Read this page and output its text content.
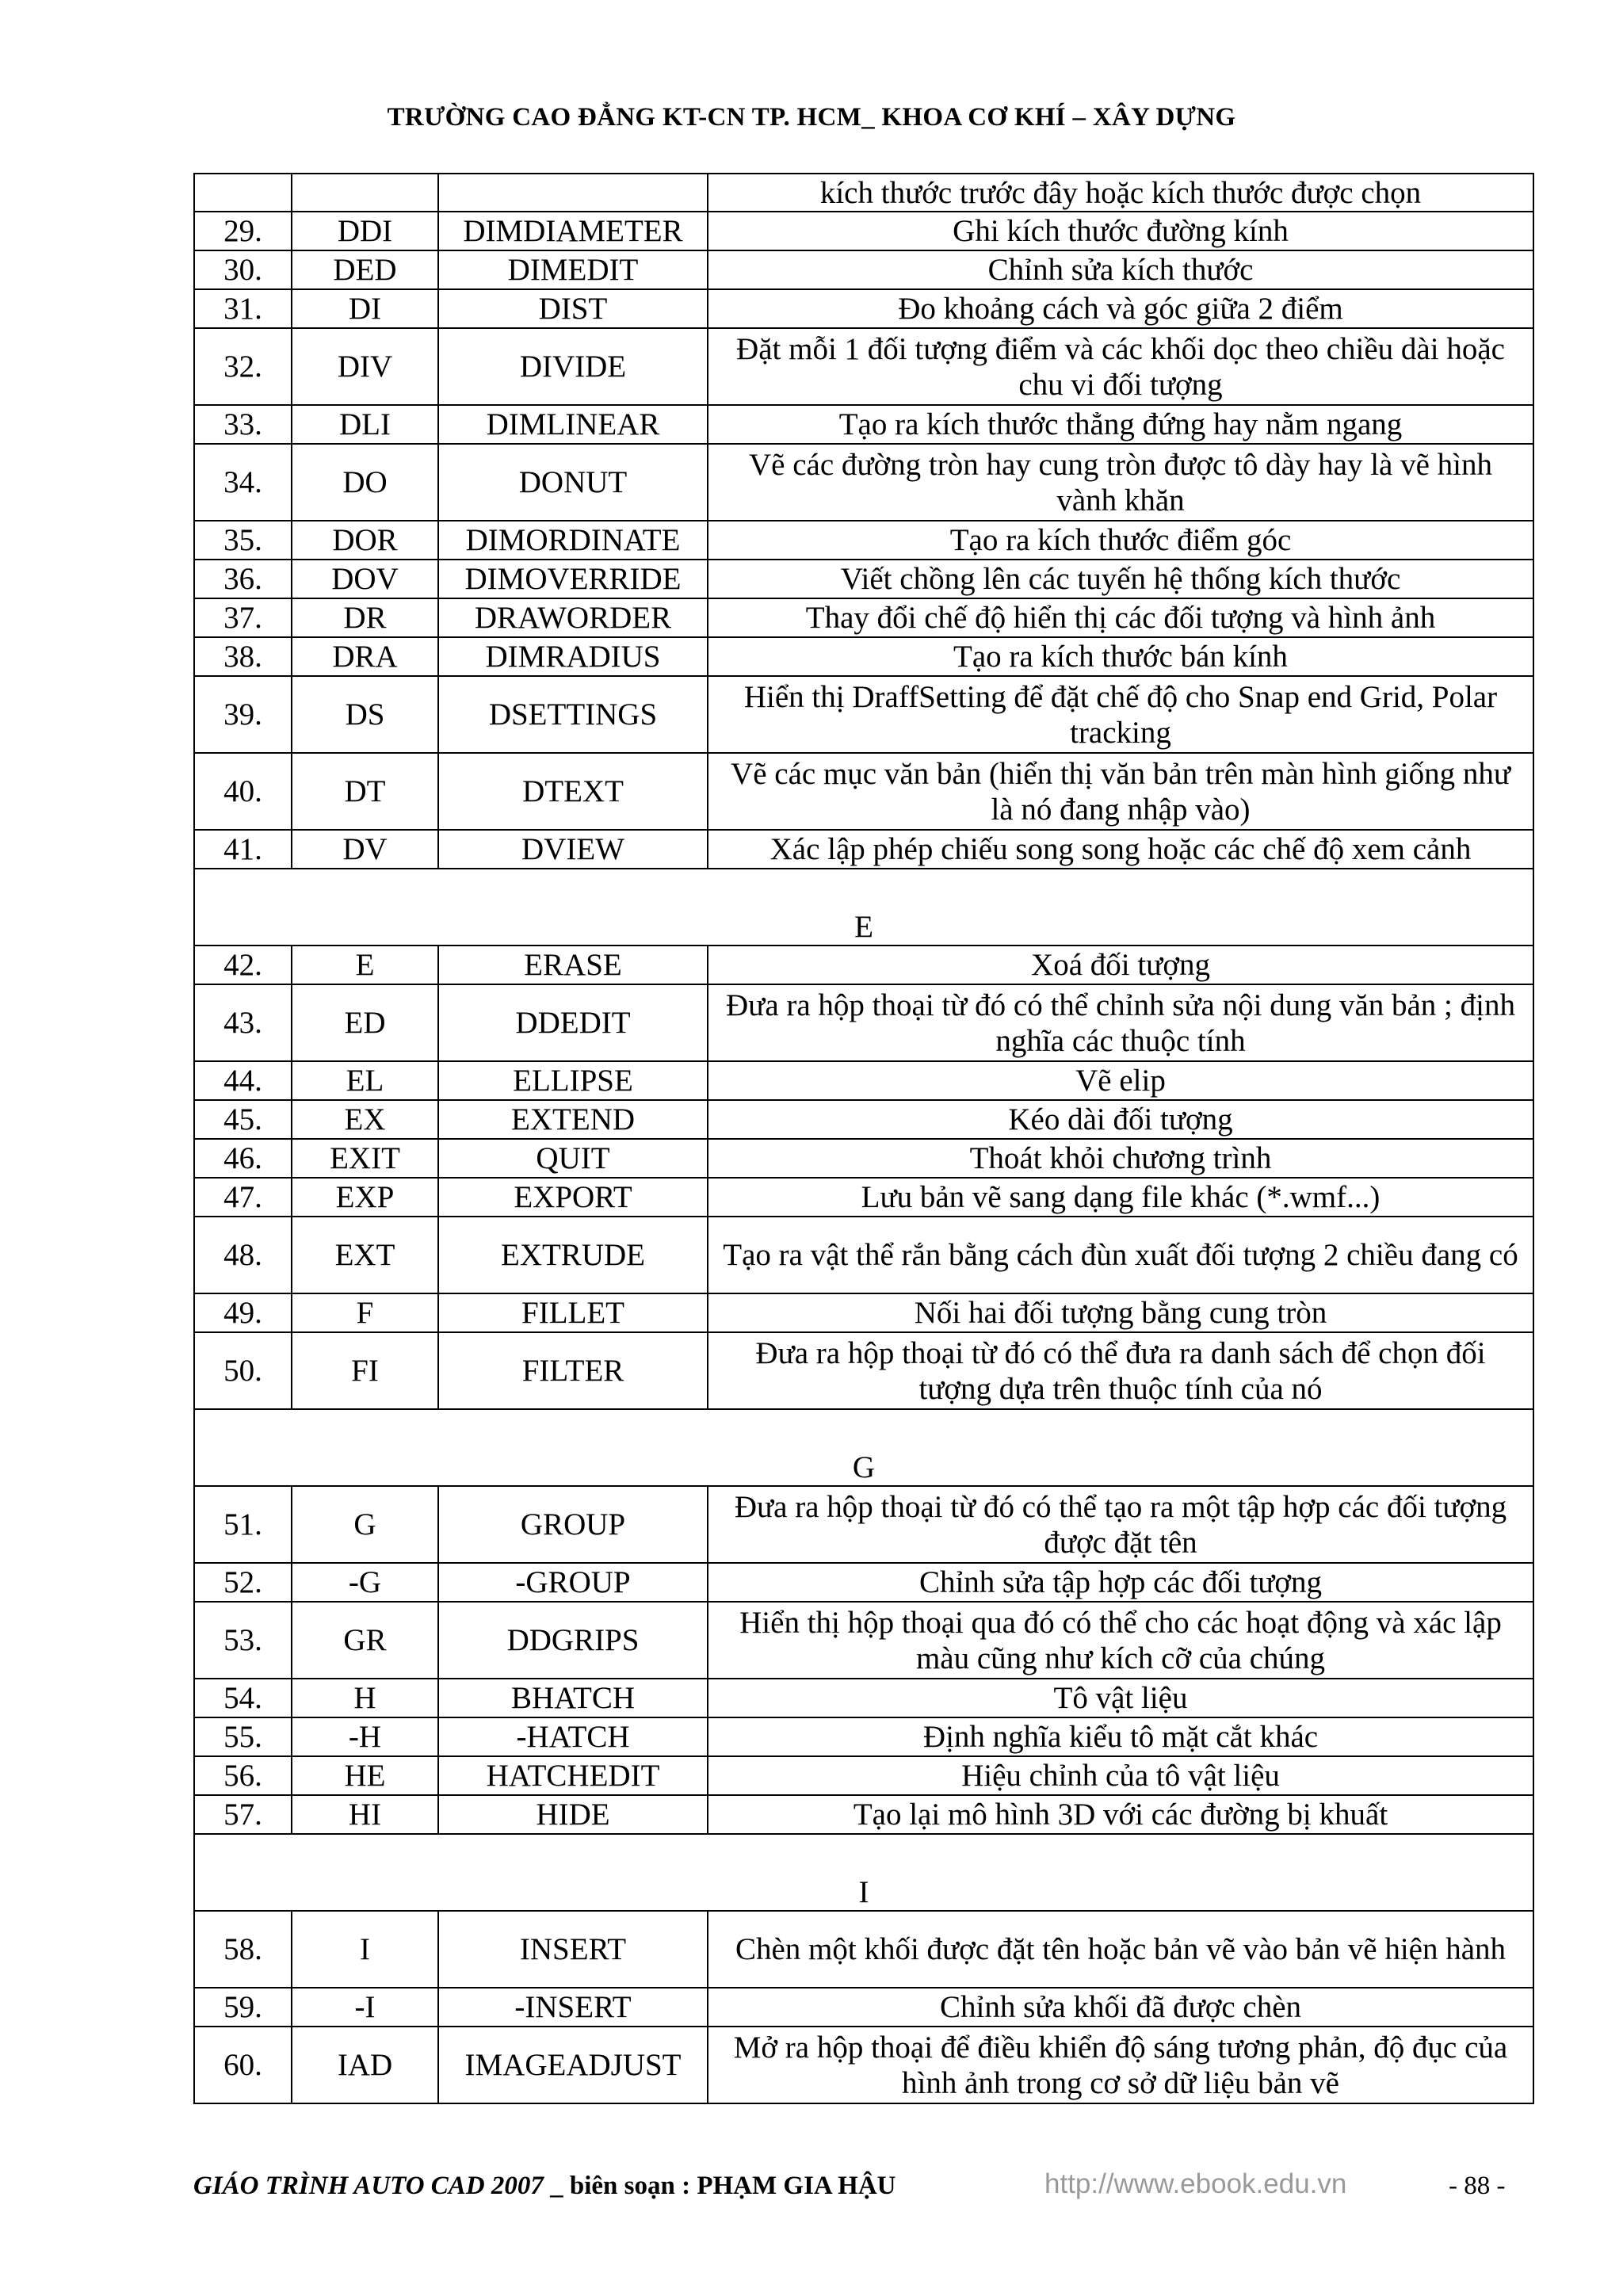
TRƯỜNG CAO ĐẲNG KT-CN TP. HCM_ KHOA CƠ KHÍ – XÂY DỰNG
			kích thước trước đây hoặc kích thước được chọn
29.	DDI	DIMDIAMETER	Ghi kích thước đường kính
30.	DED	DIMEDIT	Chỉnh sửa kích thước
31.	DI	DIST	Đo khoảng cách và góc giữa 2 điểm
32.	DIV	DIVIDE	Đặt mỗi 1 đối tượng điểm và các khối dọc theo chiều dài hoặc chu vi đối tượng
33.	DLI	DIMLINEAR	Tạo ra kích thước thẳng đứng hay nằm ngang
34.	DO	DONUT	Vẽ các đường tròn hay cung tròn được tô dày hay là vẽ hình vành khăn
35.	DOR	DIMORDINATE	Tạo ra kích thước điểm góc
36.	DOV	DIMOVERRIDE	Viết chồng lên các tuyến hệ thống kích thước
37.	DR	DRAWORDER	Thay đổi chế độ hiển thị các đối tượng và hình ảnh
38.	DRA	DIMRADIUS	Tạo ra kích thước bán kính
39.	DS	DSETTINGS	Hiển thị DraffSetting để đặt chế độ cho Snap end Grid, Polar tracking
40.	DT	DTEXT	Vẽ các mục văn bản (hiển thị văn bản trên màn hình giống như là nó đang nhập vào)
41.	DV	DVIEW	Xác lập phép chiếu song song hoặc các chế độ xem cảnh
E			
42.	E	ERASE	Xoá đối tượng
43.	ED	DDEDIT	Đưa ra hộp thoại từ đó có thể chỉnh sửa nội dung văn bản ; định nghĩa các thuộc tính
44.	EL	ELLIPSE	Vẽ elip
45.	EX	EXTEND	Kéo dài đối tượng
46.	EXIT	QUIT	Thoát khỏi chương trình
47.	EXP	EXPORT	Lưu bản vẽ sang dạng file khác (*.wmf...)
48.	EXT	EXTRUDE	Tạo ra vật thể rắn bằng cách đùn xuất đối tượng 2 chiều đang có
49.	F	FILLET	Nối hai đối tượng bằng cung tròn
50.	FI	FILTER	Đưa ra hộp thoại từ đó có thể đưa ra danh sách để chọn đối tượng dựa trên thuộc tính của nó
G			
51.	G	GROUP	Đưa ra hộp thoại từ đó có thể tạo ra một tập hợp các đối tượng được đặt tên
52.	-G	-GROUP	Chỉnh sửa tập hợp các đối tượng
53.	GR	DDGRIPS	Hiển thị hộp thoại qua đó có thể cho các hoạt động và xác lập màu cũng như kích cỡ của chúng
54.	H	BHATCH	Tô vật liệu
55.	-H	-HATCH	Định nghĩa kiểu tô mặt cắt khác
56.	HE	HATCHEDIT	Hiệu chỉnh của tô vật liệu
57.	HI	HIDE	Tạo lại mô hình 3D với các đường bị khuất
I			
58.	I	INSERT	Chèn một khối được đặt tên hoặc bản vẽ vào bản vẽ hiện hành
59.	-I	-INSERT	Chỉnh sửa khối đã được chèn
60.	IAD	IMAGEADJUST	Mở ra hộp thoại để điều khiển độ sáng tương phản, độ đục của hình ảnh trong cơ sở dữ liệu bản vẽ
GIÁO TRÌNH AUTO CAD 2007 _ biên soạn : PHẠM GIA HẬU	http://www.ebook.edu.vn	- 88 -
